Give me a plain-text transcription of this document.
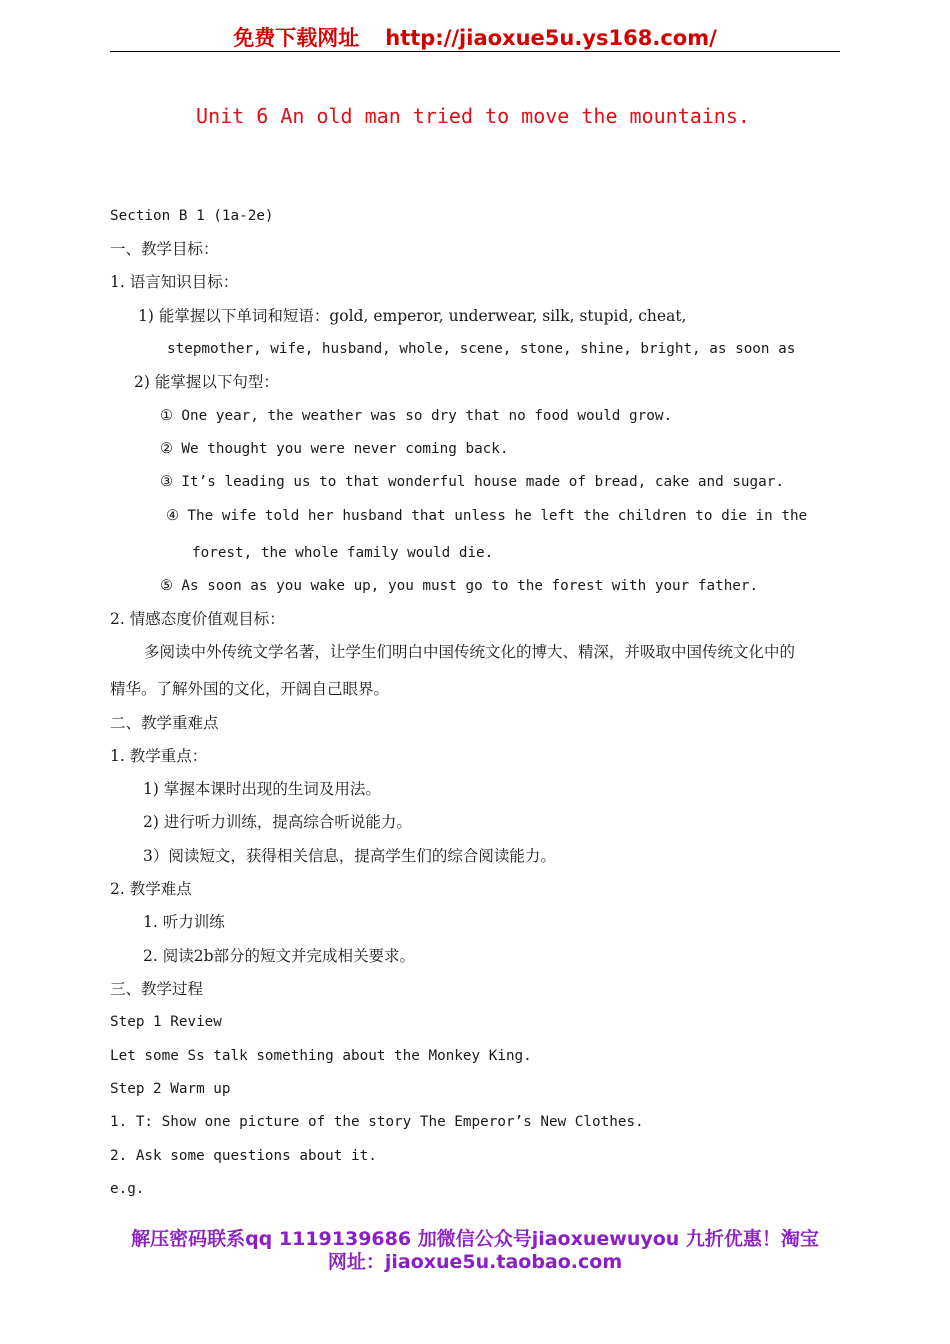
免费下载网址 http://jiaoxue5u.ys168.com/
Unit 6 An old man tried to move the mountains.
Section B 1 (1a-2e)
一、教学目标：
1. 语言知识目标：
1) 能掌握以下单词和短语：gold, emperor, underwear, silk, stupid, cheat,
stepmother, wife, husband, whole, scene, stone, shine, bright, as soon as
2) 能掌握以下句型：
① One year, the weather was so dry that no food would grow.
② We thought you were never coming back.
③ It’s leading us to that wonderful house made of bread, cake and sugar.
④ The wife told her husband that unless he left the children to die in the
forest, the whole family would die.
⑤ As soon as you wake up, you must go to the forest with your father.
2. 情感态度价值观目标：
多阅读中外传统文学名著，让学生们明白中国传统文化的博大、精深，并吸取中国传统文化中的
精华。了解外国的文化，开阔自己眼界。
二、教学重难点
1. 教学重点：
1) 掌握本课时出现的生词及用法。
2) 进行听力训练，提高综合听说能力。
3）阅读短文，获得相关信息，提高学生们的综合阅读能力。
2. 教学难点
1. 听力训练
2. 阅读2b部分的短文并完成相关要求。
三、教学过程
Step 1 Review
Let some Ss talk something about the Monkey King.
Step 2 Warm up
1. T: Show one picture of the story The Emperor’s New Clothes.
2. Ask some questions about it.
e.g.
解压密码联系qq 1119139686 加微信公众号jiaoxuewuyou 九折优惠！淘宝
网址：jiaoxue5u.taobao.com
